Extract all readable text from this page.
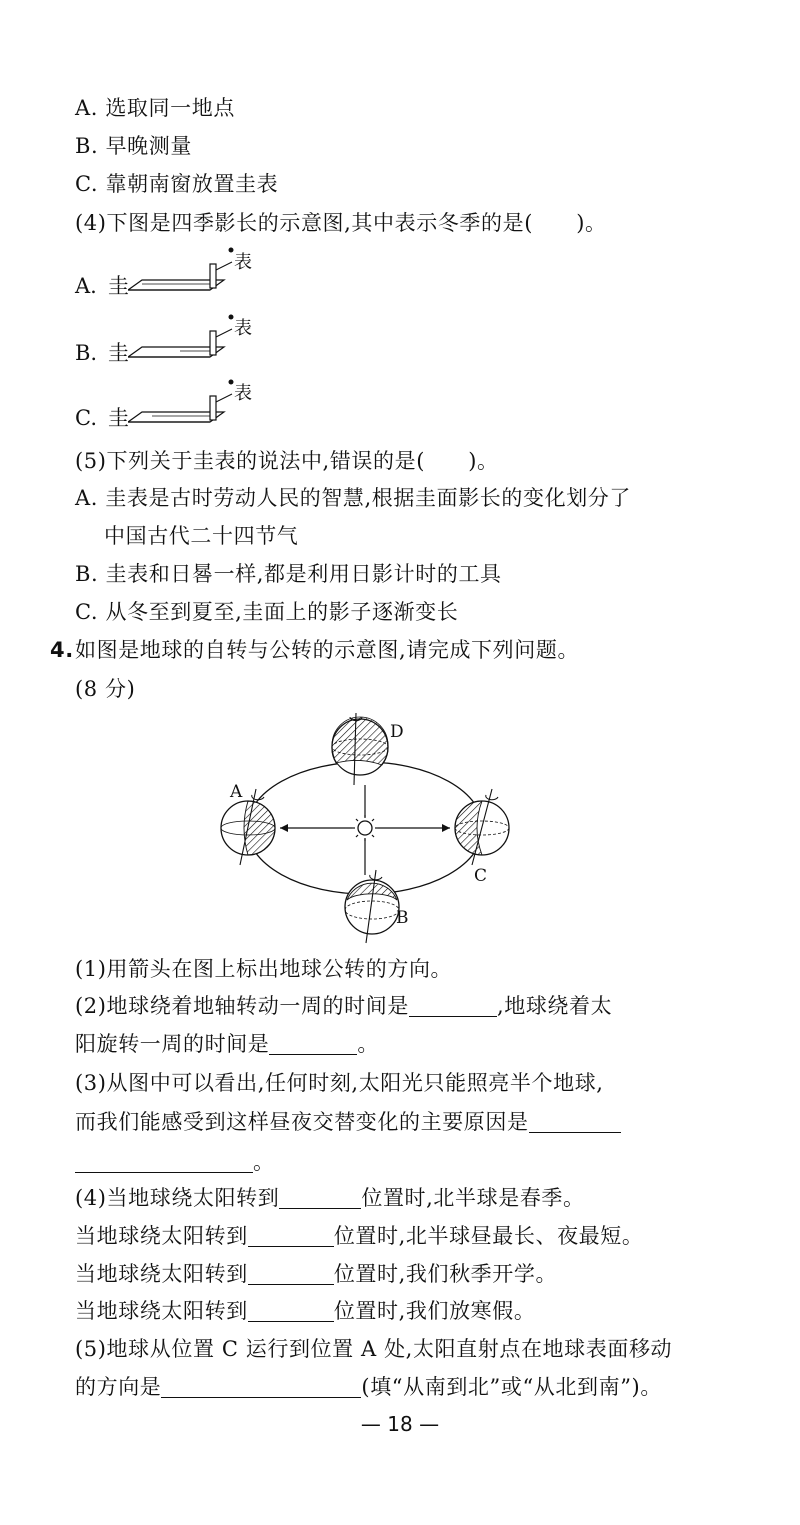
A. 选取同一地点
B. 早晚测量
C. 靠朝南窗放置圭表
(4)下图是四季影长的示意图,其中表示冬季的是(　　)。
A. 圭
表
B. 圭
表
C. 圭
表
(5)下列关于圭表的说法中,错误的是(　　)。
A. 圭表是古时劳动人民的智慧,根据圭面影长的变化划分了
中国古代二十四节气
B. 圭表和日晷一样,都是利用日影计时的工具
C. 从冬至到夏至,圭面上的影子逐渐变长
4. 如图是地球的自转与公转的示意图,请完成下列问题。
(8 分)
D
A
C
B
(1)用箭头在图上标出地球公转的方向。
(2)地球绕着地轴转动一周的时间是	,地球绕着太
阳旋转一周的时间是	。
(3)从图中可以看出,任何时刻,太阳光只能照亮半个地球,
而我们能感受到这样昼夜交替变化的主要原因是
。
(4)当地球绕太阳转到	位置时,北半球是春季。
当地球绕太阳转到	位置时,北半球昼最长、夜最短。
当地球绕太阳转到	位置时,我们秋季开学。
当地球绕太阳转到	位置时,我们放寒假。
(5)地球从位置 C 运行到位置 A 处,太阳直射点在地球表面移动
的方向是	(填“从南到北”或“从北到南”)。
— 18 —
